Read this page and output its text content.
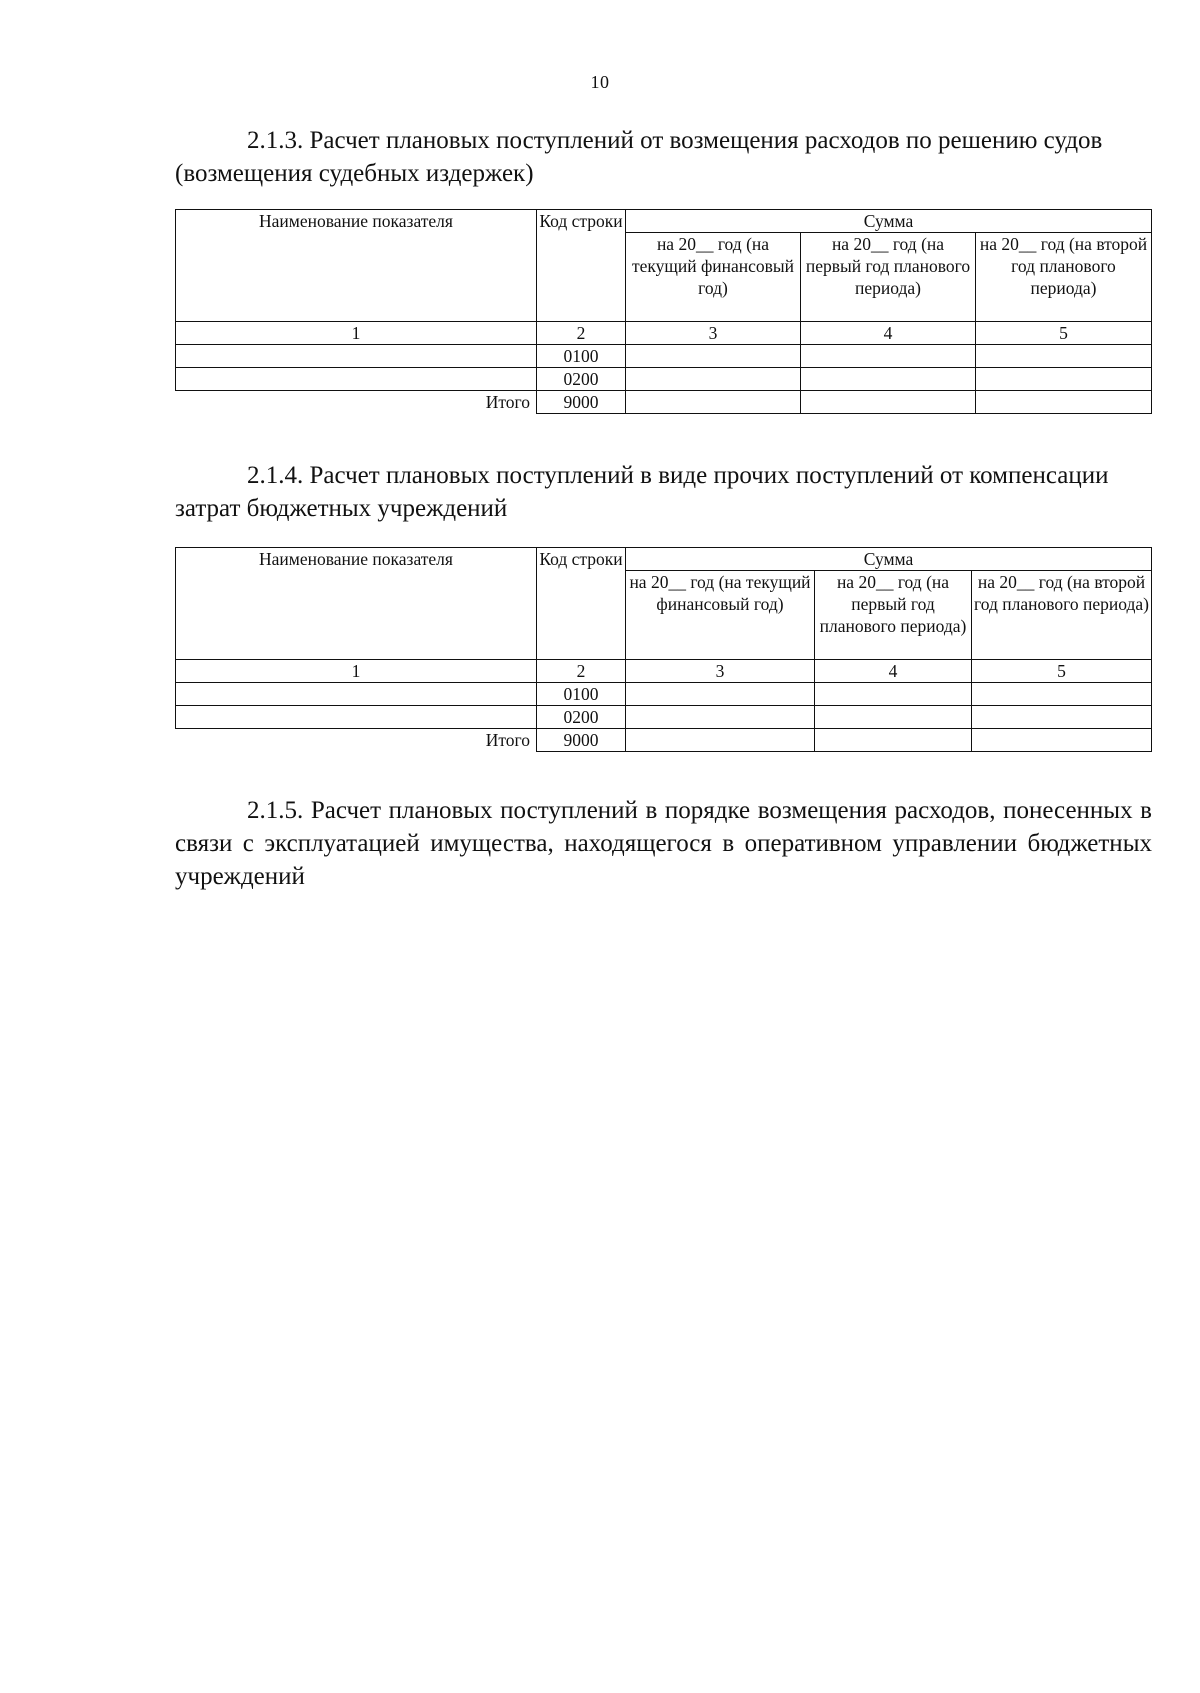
10
2.1.3. Расчет плановых поступлений от возмещения расходов по решению судов (возмещения судебных издержек)
Наименование показателя	Код строки	Сумма		
		на 20__ год (на текущий финансовый год)	на 20__ год (на первый год планового периода)	на 20__ год (на второй год планового периода)
1	2	3	4	5
	0100			
	0200			
Итого	9000			
2.1.4. Расчет плановых поступлений в виде прочих поступлений от компенсации затрат бюджетных учреждений
Наименование показателя	Код строки	Сумма		
		на 20__ год (на текущий финансовый год)	на 20__ год (на первый год планового периода)	на 20__ год (на второй год планового периода)
1	2	3	4	5
	0100			
	0200			
Итого	9000			
2.1.5. Расчет плановых поступлений в порядке возмещения расходов, понесенных в связи с эксплуатацией имущества, находящегося в оперативном управлении бюджетных учреждений
